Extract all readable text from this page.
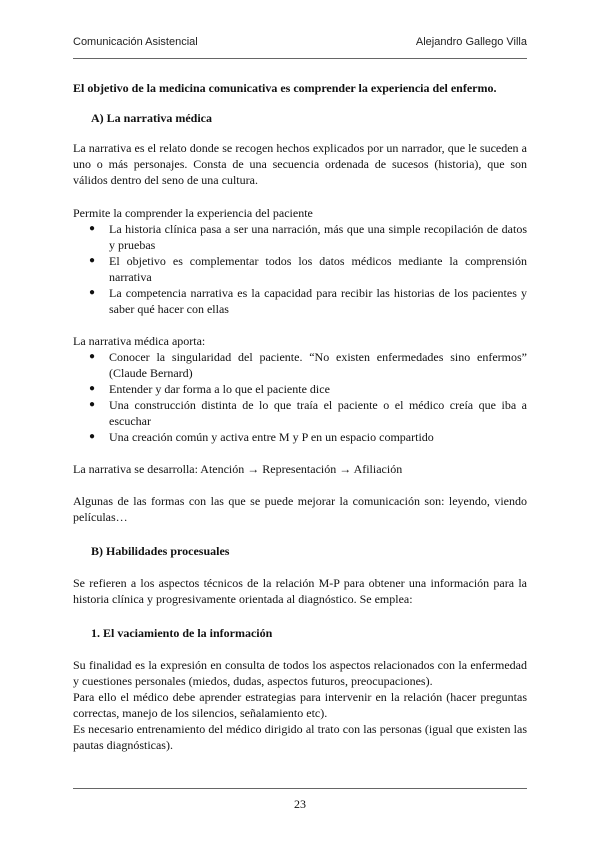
Comunicación Asistencial	Alejandro Gallego Villa

El objetivo de la medicina comunicativa es comprender la experiencia del enfermo.

A) La narrativa médica

La narrativa es el relato donde se recogen hechos explicados por un narrador, que le suceden a uno o más personajes. Consta de una secuencia ordenada de sucesos (historia), que son válidos dentro del seno de una cultura.

Permite la comprender la experiencia del paciente

● La historia clínica pasa a ser una narración, más que una simple recopilación de datos y pruebas
● El objetivo es complementar todos los datos médicos mediante la comprensión narrativa
● La competencia narrativa es la capacidad para recibir las historias de los pacientes y saber qué hacer con ellas

La narrativa médica aporta:

● Conocer la singularidad del paciente. “No existen enfermedades sino enfermos” (Claude Bernard)
● Entender y dar forma a lo que el paciente dice
● Una construcción distinta de lo que traía el paciente o el médico creía que iba a escuchar
● Una creación común y activa entre M y P en un espacio compartido

La narrativa se desarrolla: Atención → Representación → Afiliación

Algunas de las formas con las que se puede mejorar la comunicación son: leyendo, viendo películas…

B) Habilidades procesuales

Se refieren a los aspectos técnicos de la relación M-P para obtener una información para la historia clínica y progresivamente orientada al diagnóstico. Se emplea:

1. El vaciamiento de la información

Su finalidad es la expresión en consulta de todos los aspectos relacionados con la enfermedad y cuestiones personales (miedos, dudas, aspectos futuros, preocupaciones).

Para ello el médico debe aprender estrategias para intervenir en la relación (hacer preguntas correctas, manejo de los silencios, señalamiento etc).

Es necesario entrenamiento del médico dirigido al trato con las personas (igual que existen las pautas diagnósticas).

23
